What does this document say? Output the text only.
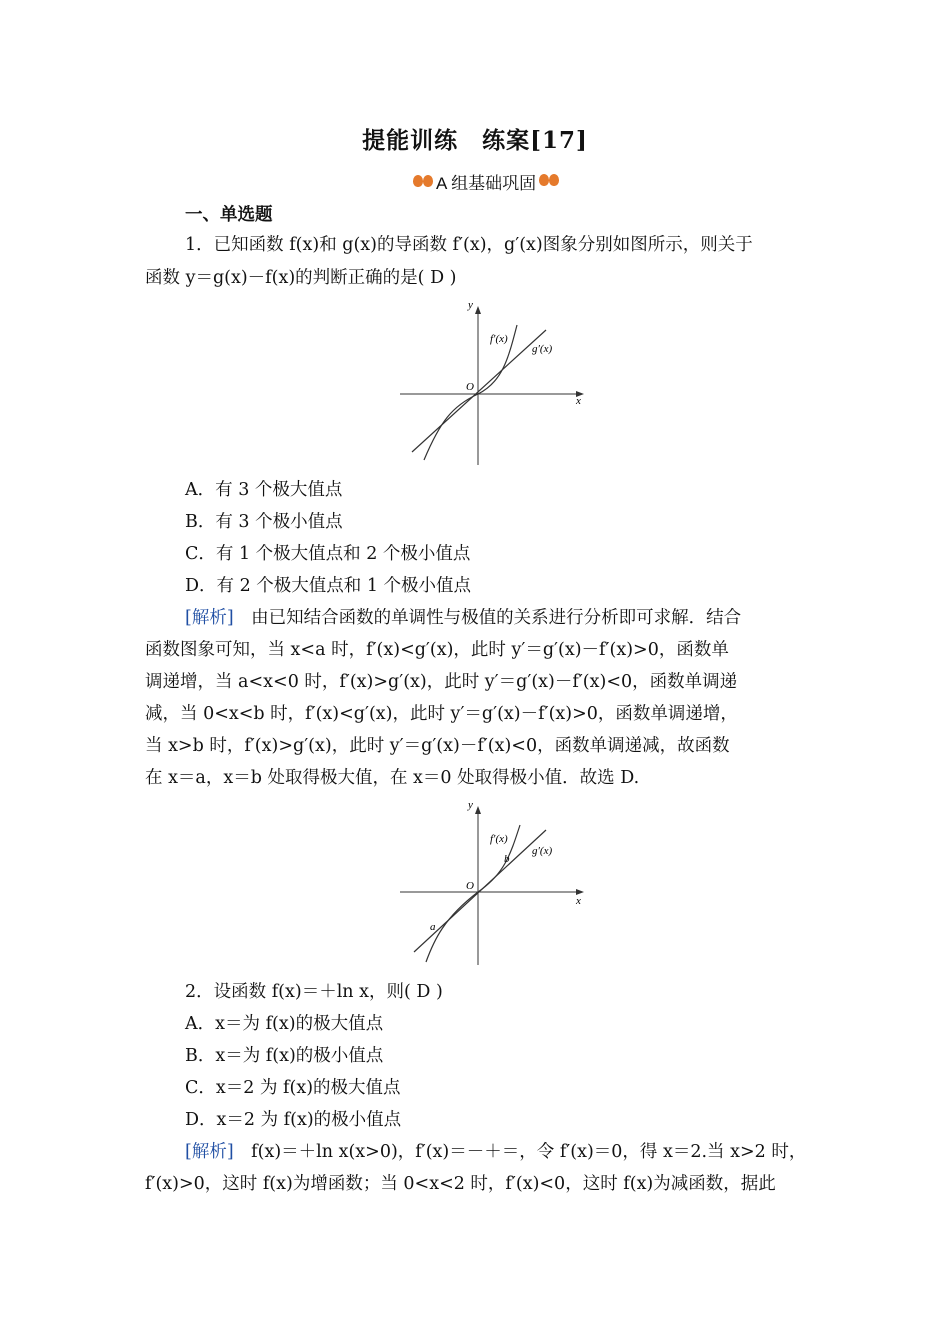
提能训练　练案[17]
A 组基础巩固
一、单选题
1．已知函数 f(x)和 g(x)的导函数 f′(x)，g′(x)图象分别如图所示，则关于
函数 y＝g(x)－f(x)的判断正确的是( D )
y
x
O
f′(x)
g′(x)
A．有 3 个极大值点
B．有 3 个极小值点
C．有 1 个极大值点和 2 个极小值点
D．有 2 个极大值点和 1 个极小值点
[解析]　 由已知结合函数的单调性与极值的关系进行分析即可求解．结合
函数图象可知，当 x<a 时，f′(x)<g′(x)，此时 y′＝g′(x)－f′(x)>0，函数单
调递增，当 a<x<0 时，f′(x)>g′(x)，此时 y′＝g′(x)－f′(x)<0，函数单调递
减，当 0<x<b 时，f′(x)<g′(x)，此时 y′＝g′(x)－f′(x)>0，函数单调递增，
当 x>b 时，f′(x)>g′(x)，此时 y′＝g′(x)－f′(x)<0，函数单调递减，故函数
在 x＝a，x＝b 处取得极大值，在 x＝0 处取得极小值．故选 D.
y
x
O
f′(x)
g′(x)
b
a
2．设函数 f(x)＝＋ln x，则( D )
A．x＝为 f(x)的极大值点
B．x＝为 f(x)的极小值点
C．x＝2 为 f(x)的极大值点
D．x＝2 为 f(x)的极小值点
[解析]　 f(x)＝＋ln x(x>0)，f′(x)＝－＋＝，令 f′(x)＝0，得 x＝2.当 x>2 时，
f′(x)>0，这时 f(x)为增函数；当 0<x<2 时，f′(x)<0，这时 f(x)为减函数，据此
